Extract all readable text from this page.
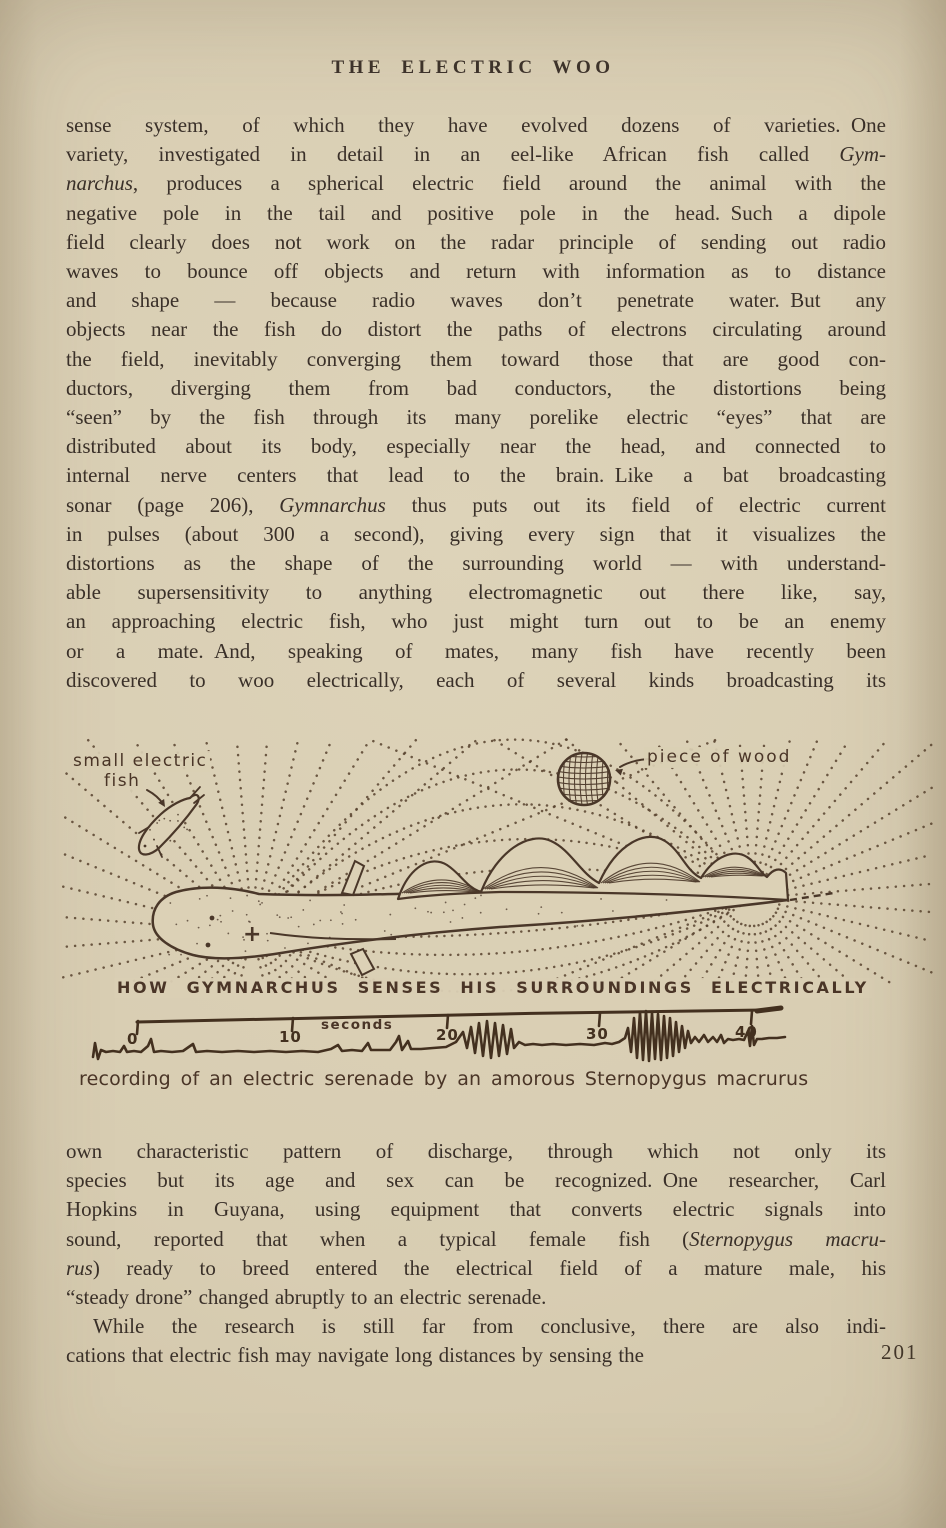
THE ELECTRIC WOO
sense system, of which they have evolved dozens of varieties. One
variety, investigated in detail in an eel-like African fish called Gym-
narchus, produces a spherical electric field around the animal with the
negative pole in the tail and positive pole in the head. Such a dipole
field clearly does not work on the radar principle of sending out radio
waves to bounce off objects and return with information as to distance
and shape — because radio waves don’t penetrate water. But any
objects near the fish do distort the paths of electrons circulating around
the field, inevitably converging them toward those that are good con-
ductors, diverging them from bad conductors, the distortions being
“seen” by the fish through its many porelike electric “eyes” that are
distributed about its body, especially near the head, and connected to
internal nerve centers that lead to the brain. Like a bat broadcasting
sonar (page 206), Gymnarchus thus puts out its field of electric current
in pulses (about 300 a second), giving every sign that it visualizes the
distortions as the shape of the surrounding world — with understand-
able supersensitivity to anything electromagnetic out there like, say,
an approaching electric fish, who just might turn out to be an enemy
or a mate. And, speaking of mates, many fish have recently been
discovered to woo electrically, each of several kinds broadcasting its
+
small electric
fish
piece of wood
HOW GYMNARCHUS SENSES HIS SURROUNDINGS ELECTRICALLY
seconds
0	10	20	30	40
recording of an electric serenade by an amorous Sternopygus macrurus
own characteristic pattern of discharge, through which not only its
species but its age and sex can be recognized. One researcher, Carl
Hopkins in Guyana, using equipment that converts electric signals into
sound, reported that when a typical female fish (Sternopygus macru-
rus) ready to breed entered the electrical field of a mature male, his
“steady drone” changed abruptly to an electric serenade.
While the research is still far from conclusive, there are also indi-
cations that electric fish may navigate long distances by sensing the	201
